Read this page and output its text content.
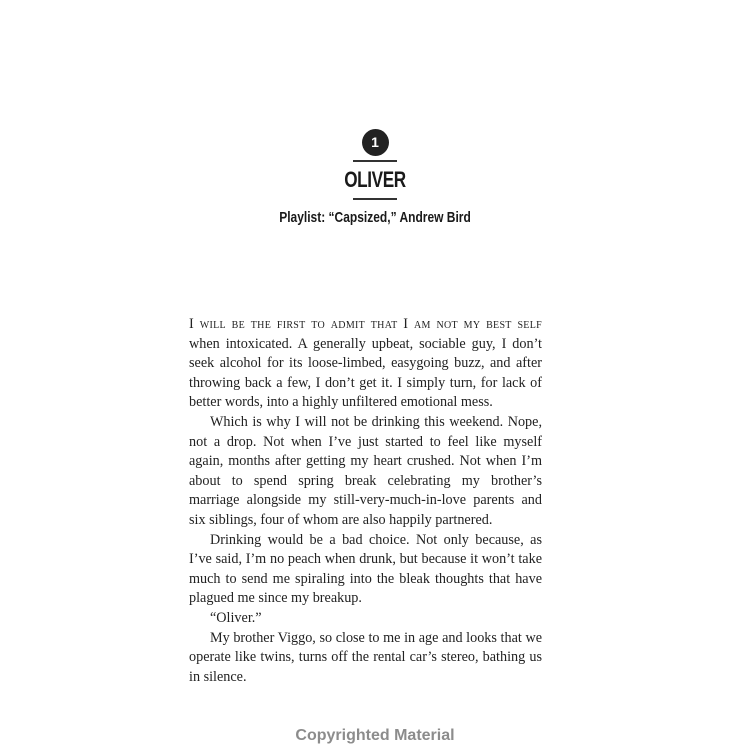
1
OLIVER
Playlist: “Capsized,” Andrew Bird

I will be the first to admit that I am not my best self when intoxicated. A generally upbeat, sociable guy, I don’t seek alcohol for its loose-limbed, easygoing buzz, and after throwing back a few, I don’t get it. I simply turn, for lack of better words, into a highly unfiltered emotional mess.

Which is why I will not be drinking this weekend. Nope, not a drop. Not when I’ve just started to feel like myself again, months after getting my heart crushed. Not when I’m about to spend spring break celebrating my brother’s marriage alongside my still-very-much-in-love parents and six siblings, four of whom are also happily partnered.

Drinking would be a bad choice. Not only because, as I’ve said, I’m no peach when drunk, but because it won’t take much to send me spiraling into the bleak thoughts that have plagued me since my breakup.

“Oliver.”

My brother Viggo, so close to me in age and looks that we operate like twins, turns off the rental car’s stereo, bathing us in silence.

Copyrighted Material
